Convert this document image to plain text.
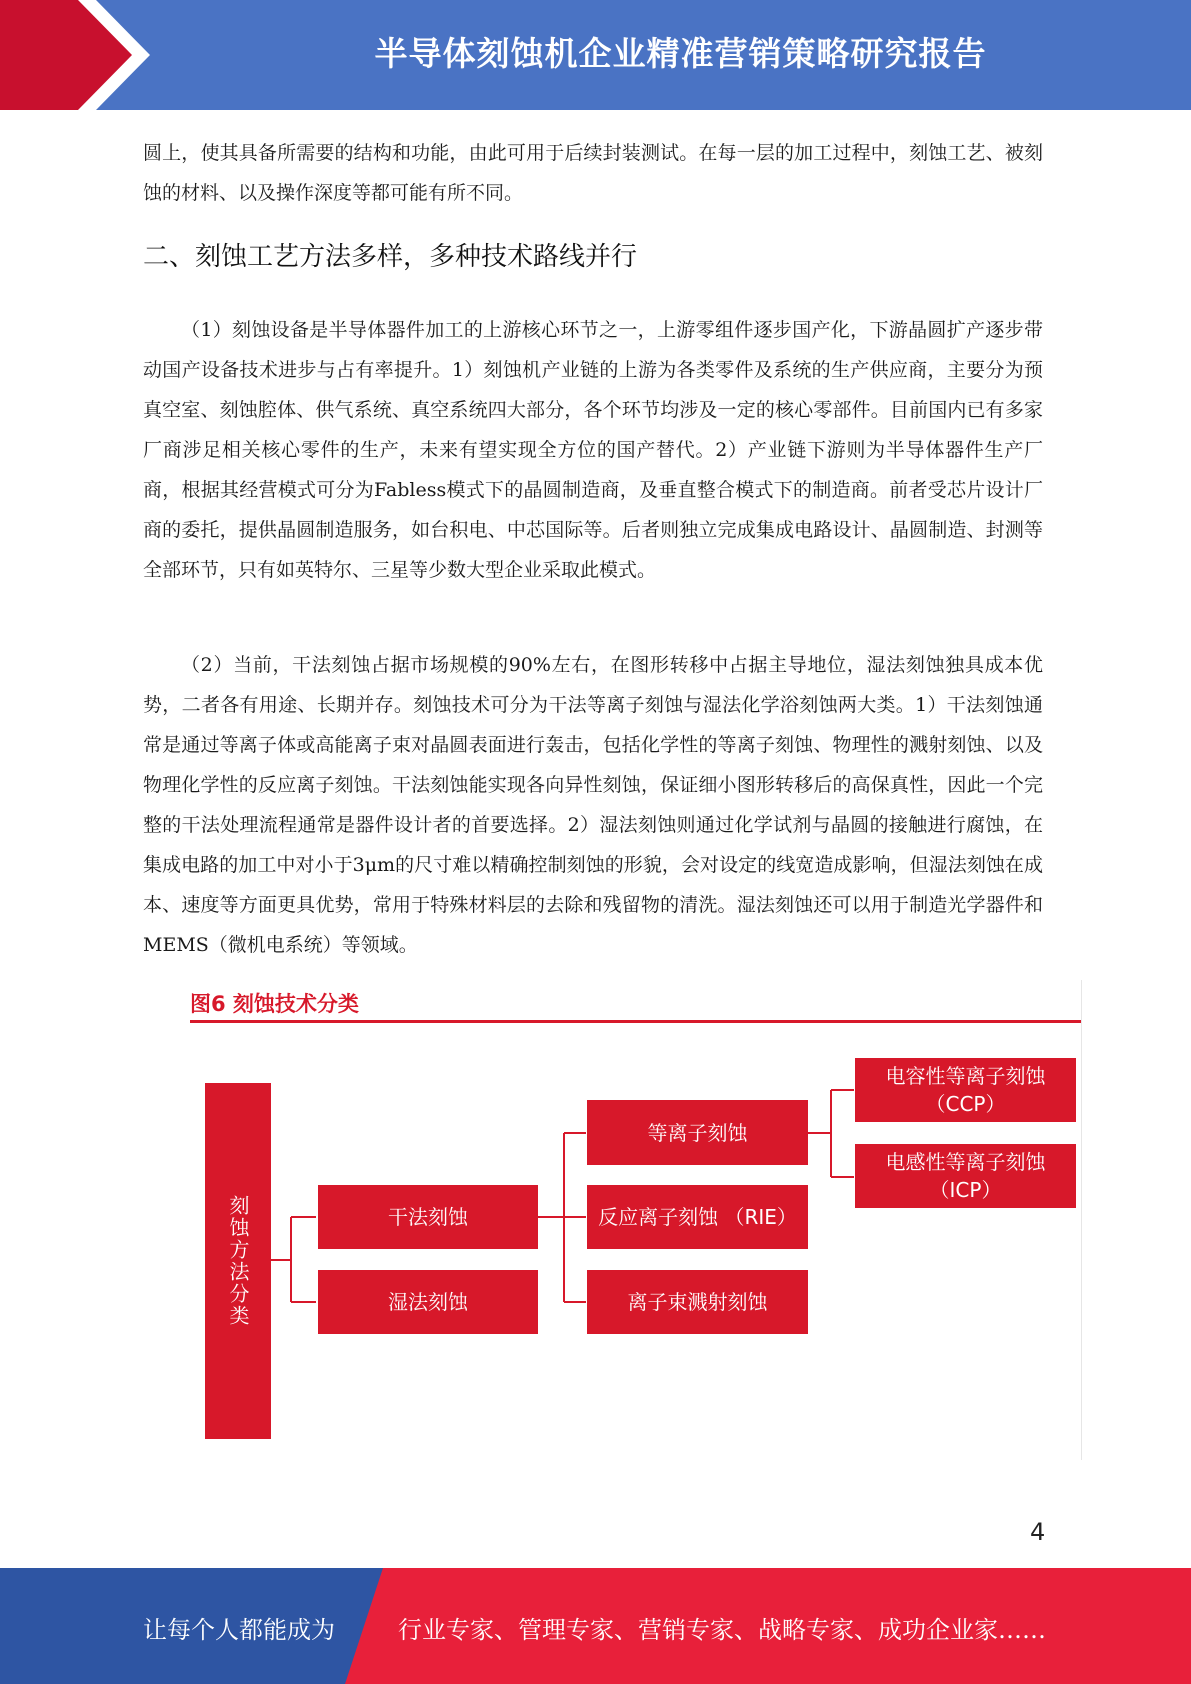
半导体刻蚀机企业精准营销策略研究报告

圆上，使其具备所需要的结构和功能，由此可用于后续封装测试。在每一层的加工过程中，刻蚀工艺、被刻蚀的材料、以及操作深度等都可能有所不同。

二、刻蚀工艺方法多样，多种技术路线并行

（1）刻蚀设备是半导体器件加工的上游核心环节之一，上游零组件逐步国产化，下游晶圆扩产逐步带动国产设备技术进步与占有率提升。1）刻蚀机产业链的上游为各类零件及系统的生产供应商，主要分为预真空室、刻蚀腔体、供气系统、真空系统四大部分，各个环节均涉及一定的核心零部件。目前国内已有多家厂商涉足相关核心零件的生产，未来有望实现全方位的国产替代。2）产业链下游则为半导体器件生产厂商，根据其经营模式可分为Fabless模式下的晶圆制造商，及垂直整合模式下的制造商。前者受芯片设计厂商的委托，提供晶圆制造服务，如台积电、中芯国际等。后者则独立完成集成电路设计、晶圆制造、封测等全部环节，只有如英特尔、三星等少数大型企业采取此模式。

（2）当前，干法刻蚀占据市场规模的90%左右，在图形转移中占据主导地位，湿法刻蚀独具成本优势，二者各有用途、长期并存。刻蚀技术可分为干法等离子刻蚀与湿法化学浴刻蚀两大类。1）干法刻蚀通常是通过等离子体或高能离子束对晶圆表面进行轰击，包括化学性的等离子刻蚀、物理性的溅射刻蚀、以及物理化学性的反应离子刻蚀。干法刻蚀能实现各向异性刻蚀，保证细小图形转移后的高保真性，因此一个完整的干法处理流程通常是器件设计者的首要选择。2）湿法刻蚀则通过化学试剂与晶圆的接触进行腐蚀，在集成电路的加工中对小于3μm的尺寸难以精确控制刻蚀的形貌，会对设定的线宽造成影响，但湿法刻蚀在成本、速度等方面更具优势，常用于特殊材料层的去除和残留物的清洗。湿法刻蚀还可以用于制造光学器件和MEMS（微机电系统）等领域。

图6 刻蚀技术分类
刻蚀方法分类	干法刻蚀
湿法刻蚀
等离子刻蚀
反应离子刻蚀 （RIE）
离子束溅射刻蚀
电容性等离子刻蚀
（CCP）
电感性等离子刻蚀
（ICP）
4
让每个人都能成为	行业专家、管理专家、营销专家、战略专家、成功企业家……
